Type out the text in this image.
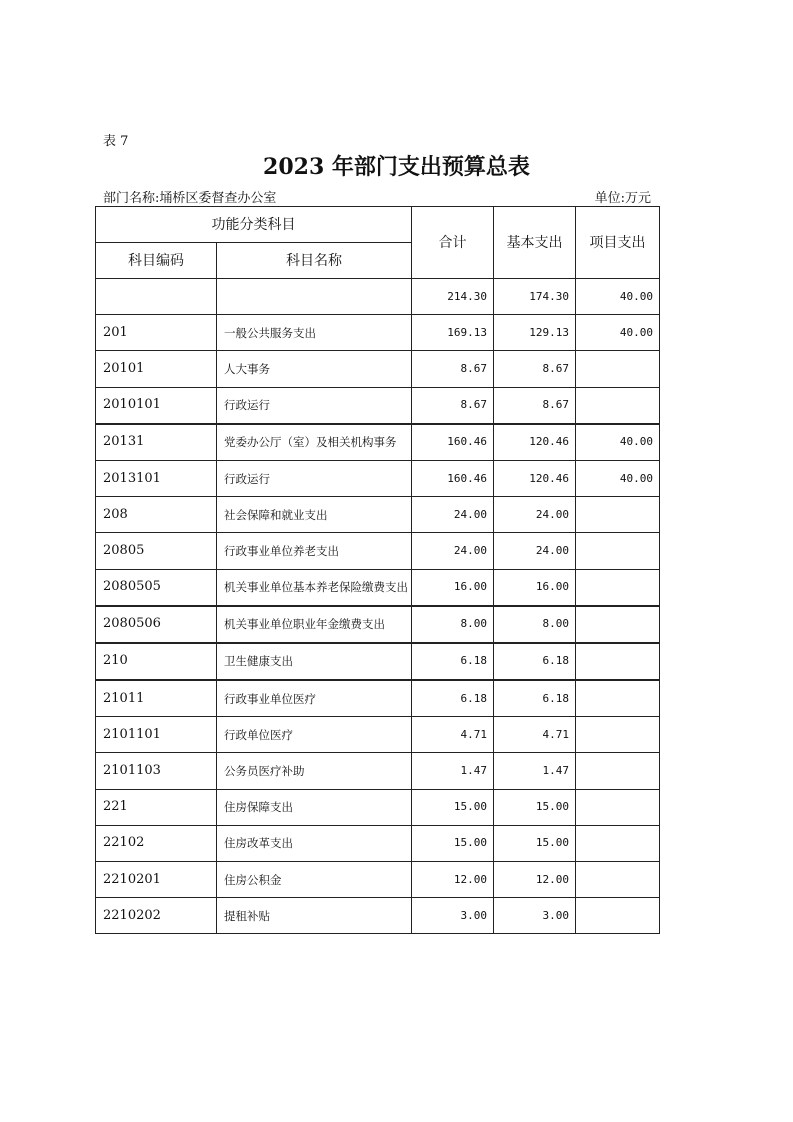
表 7
2023 年部门支出预算总表
部门名称:埇桥区委督查办公室	单位:万元
功能分类科目		合计	基本支出	项目支出
科目编码	科目名称			
		214.30	174.30	40.00
201	一般公共服务支出	169.13	129.13	40.00
20101	人大事务	8.67	8.67	
2010101	行政运行	8.67	8.67	
20131	党委办公厅（室）及相关机构事务	160.46	120.46	40.00
2013101	行政运行	160.46	120.46	40.00
208	社会保障和就业支出	24.00	24.00	
20805	行政事业单位养老支出	24.00	24.00	
2080505	机关事业单位基本养老保险缴费支出	16.00	16.00	
2080506	机关事业单位职业年金缴费支出	8.00	8.00	
210	卫生健康支出	6.18	6.18	
21011	行政事业单位医疗	6.18	6.18	
2101101	行政单位医疗	4.71	4.71	
2101103	公务员医疗补助	1.47	1.47	
221	住房保障支出	15.00	15.00	
22102	住房改革支出	15.00	15.00	
2210201	住房公积金	12.00	12.00	
2210202	提租补贴	3.00	3.00	
